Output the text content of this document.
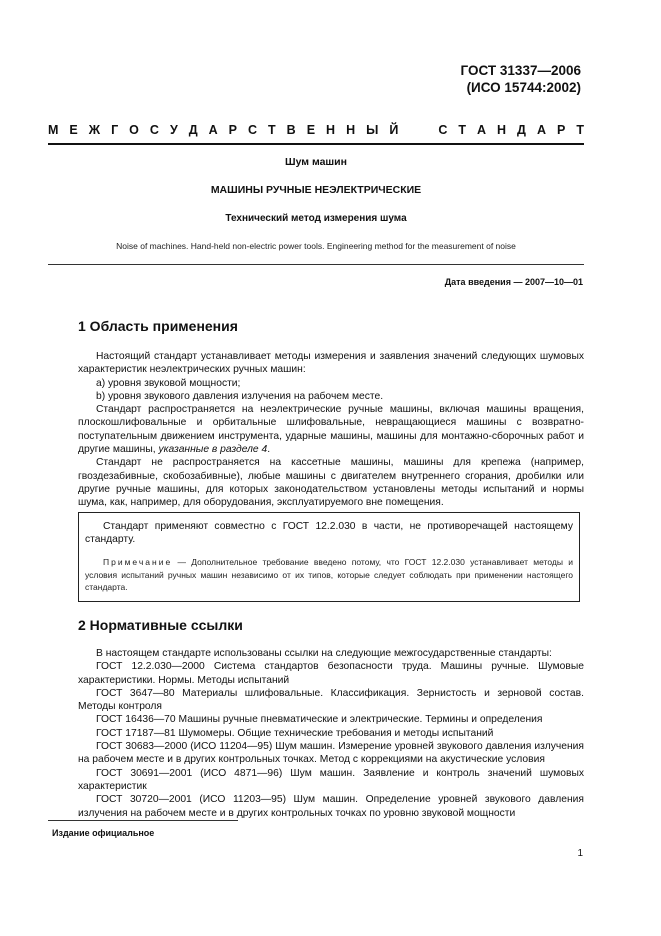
ГОСТ 31337—2006
(ИСО 15744:2002)
М Е Ж Г О С У Д А Р С Т В Е Н Н Ы Й

	С Т А Н Д А Р Т
Шум машин
МАШИНЫ РУЧНЫЕ НЕЭЛЕКТРИЧЕСКИЕ
Технический метод измерения шума
Noise of machines. Hand-held non-electric power tools. Engineering method for the measurement of noise
Дата введения — 2007—10—01
1 Область применения

Настоящий стандарт устанавливает методы измерения и заявления значений следующих шумовых характеристик неэлектрических ручных машин:

а) уровня звуковой мощности;

b) уровня звукового давления излучения на рабочем месте.

Стандарт распространяется на неэлектрические ручные машины, включая машины вращения, плоскошлифовальные и орбитальные шлифовальные, невращающиеся машины с возвратно-поступательным движением инструмента, ударные машины, машины для монтажно-сборочных работ и другие машины, указанные в разделе 4.

Стандарт не распространяется на кассетные машины, машины для крепежа (например, гвоздезабивные, скобозабивные), любые машины с двигателем внутреннего сгорания, дробилки или другие ручные машины, для которых законодательством установлены методы испытаний и нормы шума, как, например, для оборудования, эксплуатируемого вне помещения.

Стандарт применяют совместно с ГОСТ 12.2.030 в части, не противоречащей настоящему стандарту.
Примечание — Дополнительное требование введено потому, что ГОСТ 12.2.030 устанавливает методы и условия испытаний ручных машин независимо от их типов, которые следует соблюдать при применении настоящего стандарта.
2 Нормативные ссылки

В настоящем стандарте использованы ссылки на следующие межгосударственные стандарты:

ГОСТ 12.2.030—2000 Система стандартов безопасности труда. Машины ручные. Шумовые характеристики. Нормы. Методы испытаний

ГОСТ 3647—80 Материалы шлифовальные. Классификация. Зернистость и зерновой состав. Методы контроля

ГОСТ 16436—70 Машины ручные пневматические и электрические. Термины и определения

ГОСТ 17187—81 Шумомеры. Общие технические требования и методы испытаний

ГОСТ 30683—2000 (ИСО 11204—95) Шум машин. Измерение уровней звукового давления излучения на рабочем месте и в других контрольных точках. Метод с коррекциями на акустические условия

ГОСТ 30691—2001 (ИСО 4871—96) Шум машин. Заявление и контроль значений шумовых характеристик

ГОСТ 30720—2001 (ИСО 11203—95) Шум машин. Определение уровней звукового давления излучения на рабочем месте и в других контрольных точках по уровню звуковой мощности

Издание официальное
1
